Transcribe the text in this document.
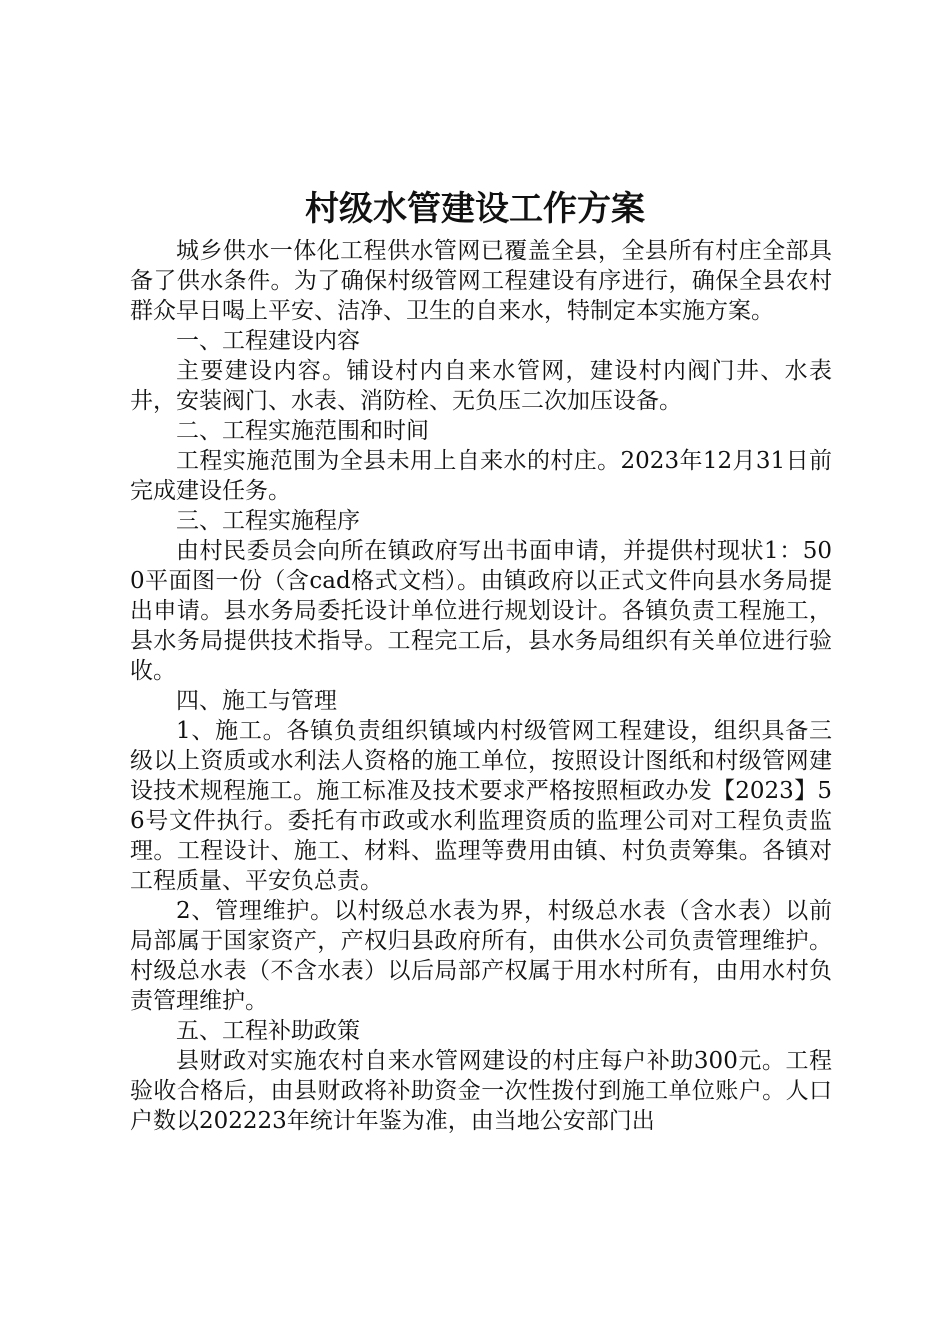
村级水管建设工作方案

城乡供水一体化工程供水管网已覆盖全县，全县所有村庄全部具备了供水条件。为了确保村级管网工程建设有序进行，确保全县农村群众早日喝上平安、洁净、卫生的自来水，特制定本实施方案。

一、工程建设内容

主要建设内容。铺设村内自来水管网，建设村内阀门井、水表井，安装阀门、水表、消防栓、无负压二次加压设备。

二、工程实施范围和时间

工程实施范围为全县未用上自来水的村庄。2023年12月31日前完成建设任务。

三、工程实施程序

由村民委员会向所在镇政府写出书面申请，并提供村现状1：500平面图一份（含cad格式文档）。由镇政府以正式文件向县水务局提出申请。县水务局委托设计单位进行规划设计。各镇负责工程施工，县水务局提供技术指导。工程完工后，县水务局组织有关单位进行验收。

四、施工与管理

1、施工。各镇负责组织镇域内村级管网工程建设，组织具备三级以上资质或水利法人资格的施工单位，按照设计图纸和村级管网建设技术规程施工。施工标准及技术要求严格按照桓政办发【2023】56号文件执行。委托有市政或水利监理资质的监理公司对工程负责监理。工程设计、施工、材料、监理等费用由镇、村负责筹集。各镇对工程质量、平安负总责。

2、管理维护。以村级总水表为界，村级总水表（含水表）以前局部属于国家资产，产权归县政府所有，由供水公司负责管理维护。村级总水表（不含水表）以后局部产权属于用水村所有，由用水村负责管理维护。

五、工程补助政策

县财政对实施农村自来水管网建设的村庄每户补助300元。工程验收合格后，由县财政将补助资金一次性拨付到施工单位账户。人口户数以202223年统计年鉴为准，由当地公安部门出
